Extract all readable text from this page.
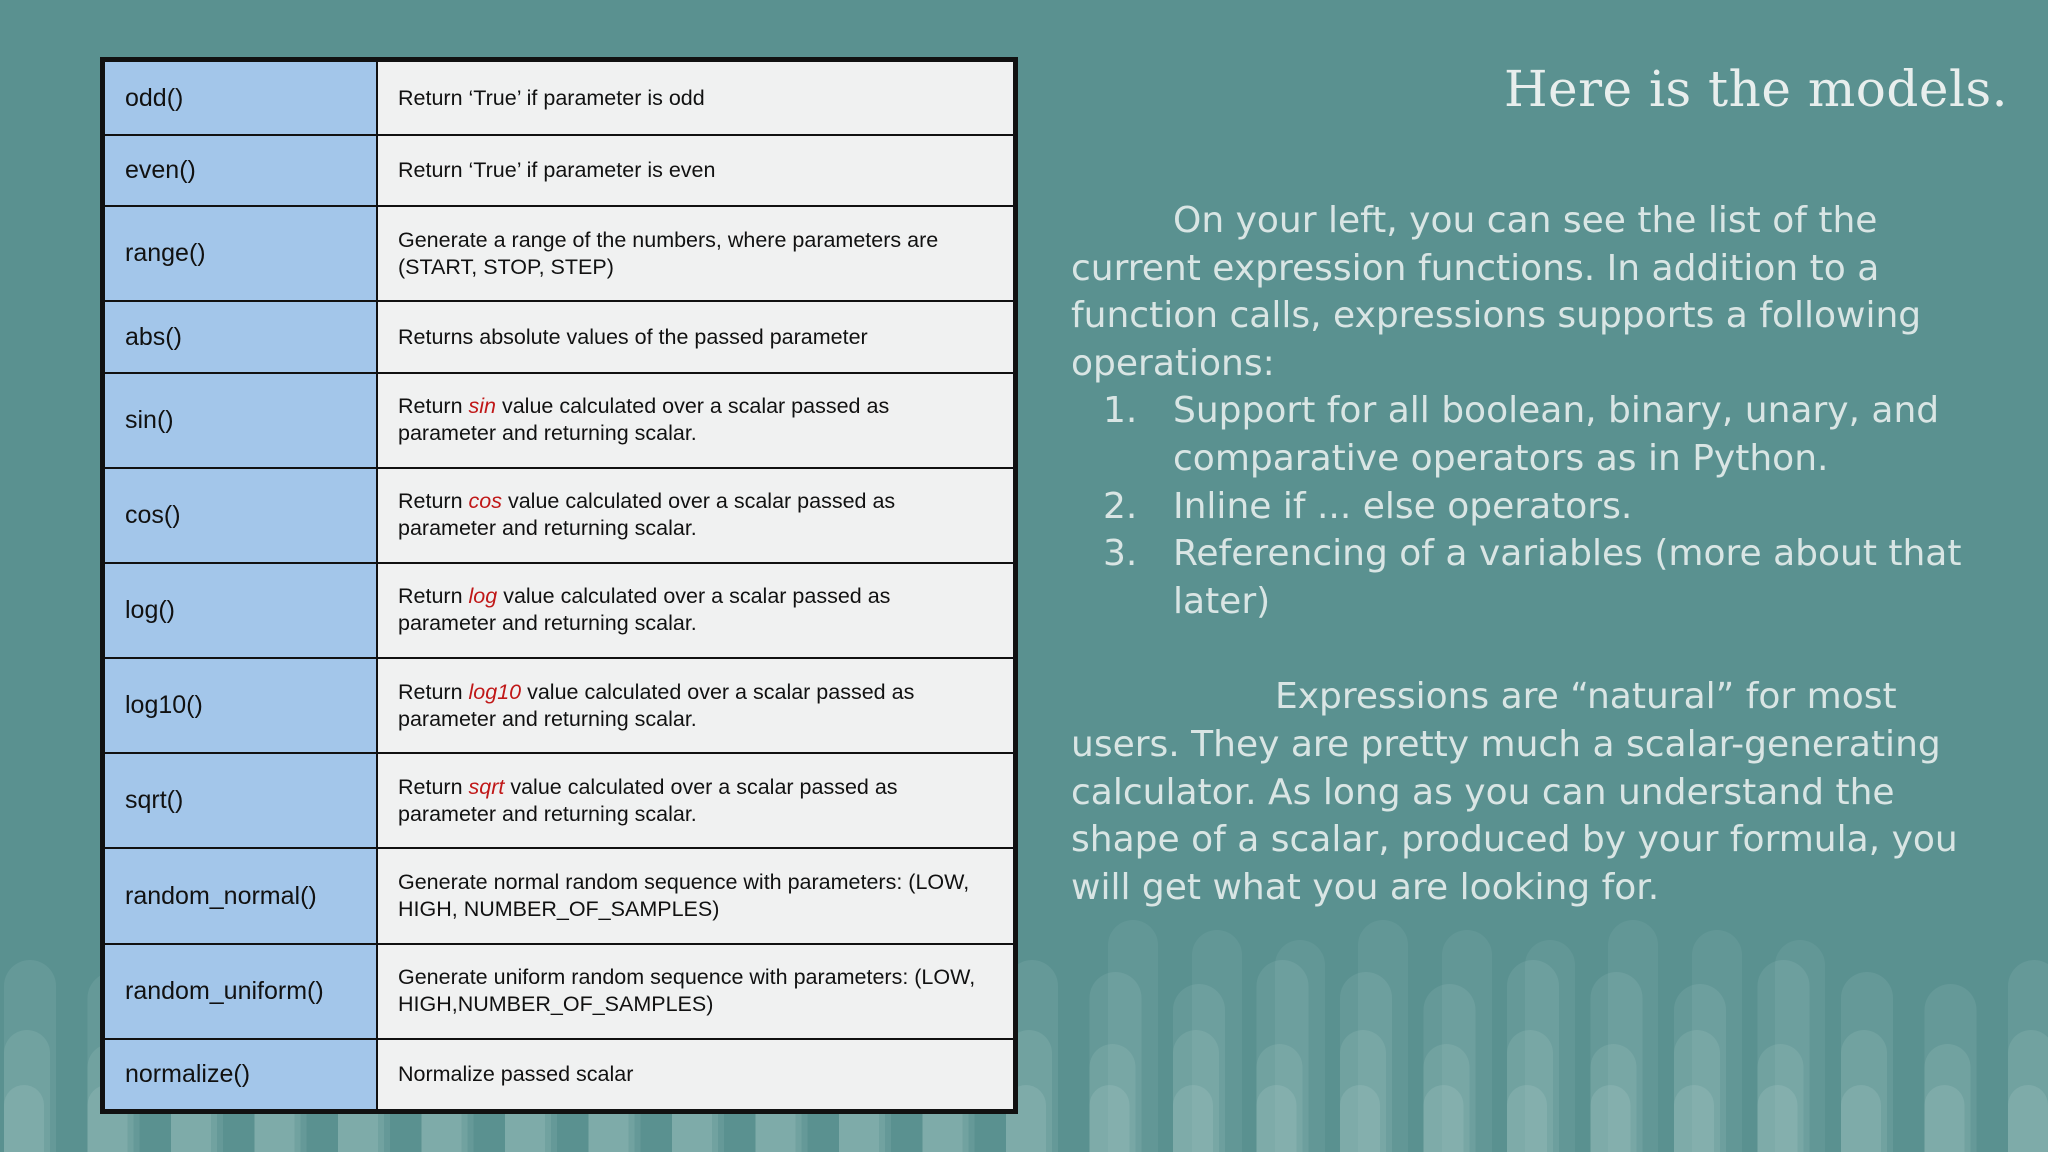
odd()	Return ‘True’ if parameter is odd
even()	Return ‘True’ if parameter is even
range()	Generate a range of the numbers, where parameters are (START, STOP, STEP)
abs()	Returns absolute values of the passed parameter
sin()	Return sin value calculated over a scalar passed as parameter and returning scalar.
cos()	Return cos value calculated over a scalar passed as parameter and returning scalar.
log()	Return log value calculated over a scalar passed as parameter and returning scalar.
log10()	Return log10 value calculated over a scalar passed as parameter and returning scalar.
sqrt()	Return sqrt value calculated over a scalar passed as parameter and returning scalar.
random_normal()	Generate normal random sequence with parameters: (LOW, HIGH, NUMBER_OF_SAMPLES)
random_uniform()	Generate uniform random sequence with parameters: (LOW, HIGH,NUMBER_OF_SAMPLES)
normalize()	Normalize passed scalar
Here is the models.

On your left, you can see the list of the current expression functions. In addition to a function calls, expressions supports a following operations:

1. Support for all boolean, binary, unary, and comparative operators as in Python.
2. Inline if ... else operators.
3. Referencing of a variables (more about that later)

Expressions are “natural” for most users. They are pretty much a scalar-generating calculator. As long as you can understand the shape of a scalar, produced by your formula, you will get what you are looking for.
